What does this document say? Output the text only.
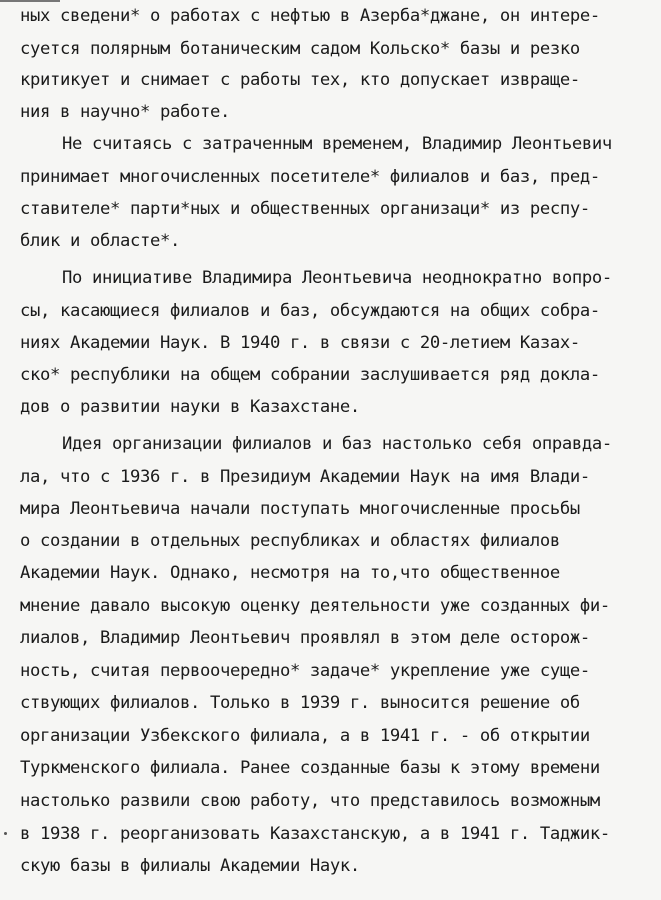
ных сведени* о работах с нефтью в Азерба*джане, он интере-
суется полярным ботаническим садом Кольско* базы и резко
критикует и снимает с работы тех, кто допускает извраще-
ния в научно* работе.
Не считаясь с затраченным временем, Владимир Леонтьевич
принимает многочисленных посетителе* филиалов и баз, пред-
ставителе* парти*ных и общественных организаци* из респу-
блик и областе*.
По инициативе Владимира Леонтьевича неоднократно вопро-
сы, касающиеся филиалов и баз, обсуждаются на общих собра-
ниях Академии Наук. В 1940 г. в связи с 20-летием Казах-
ско* республики на общем собрании заслушивается ряд докла-
дов о развитии науки в Казахстане.
Идея организации филиалов и баз настолько себя оправда-
ла, что с 1936 г. в Президиум Академии Наук на имя Влади-
мира Леонтьевича начали поступать многочисленные просьбы
о создании в отдельных республиках и областях филиалов
Академии Наук. Однако, несмотря на то,что общественное
мнение давало высокую оценку деятельности уже созданных фи-
лиалов, Владимир Леонтьевич проявлял в этом деле осторож-
ность, считая первоочередно* задаче* укрепление уже суще-
ствующих филиалов. Только в 1939 г. выносится решение об
организации Узбекского филиала, а в 1941 г. - об открытии
Туркменского филиала. Ранее созданные базы к этому времени
настолько развили свою работу, что представилось возможным
в 1938 г. реорганизовать Казахстанскую, а в 1941 г. Таджик-
скую базы в филиалы Академии Наук.
